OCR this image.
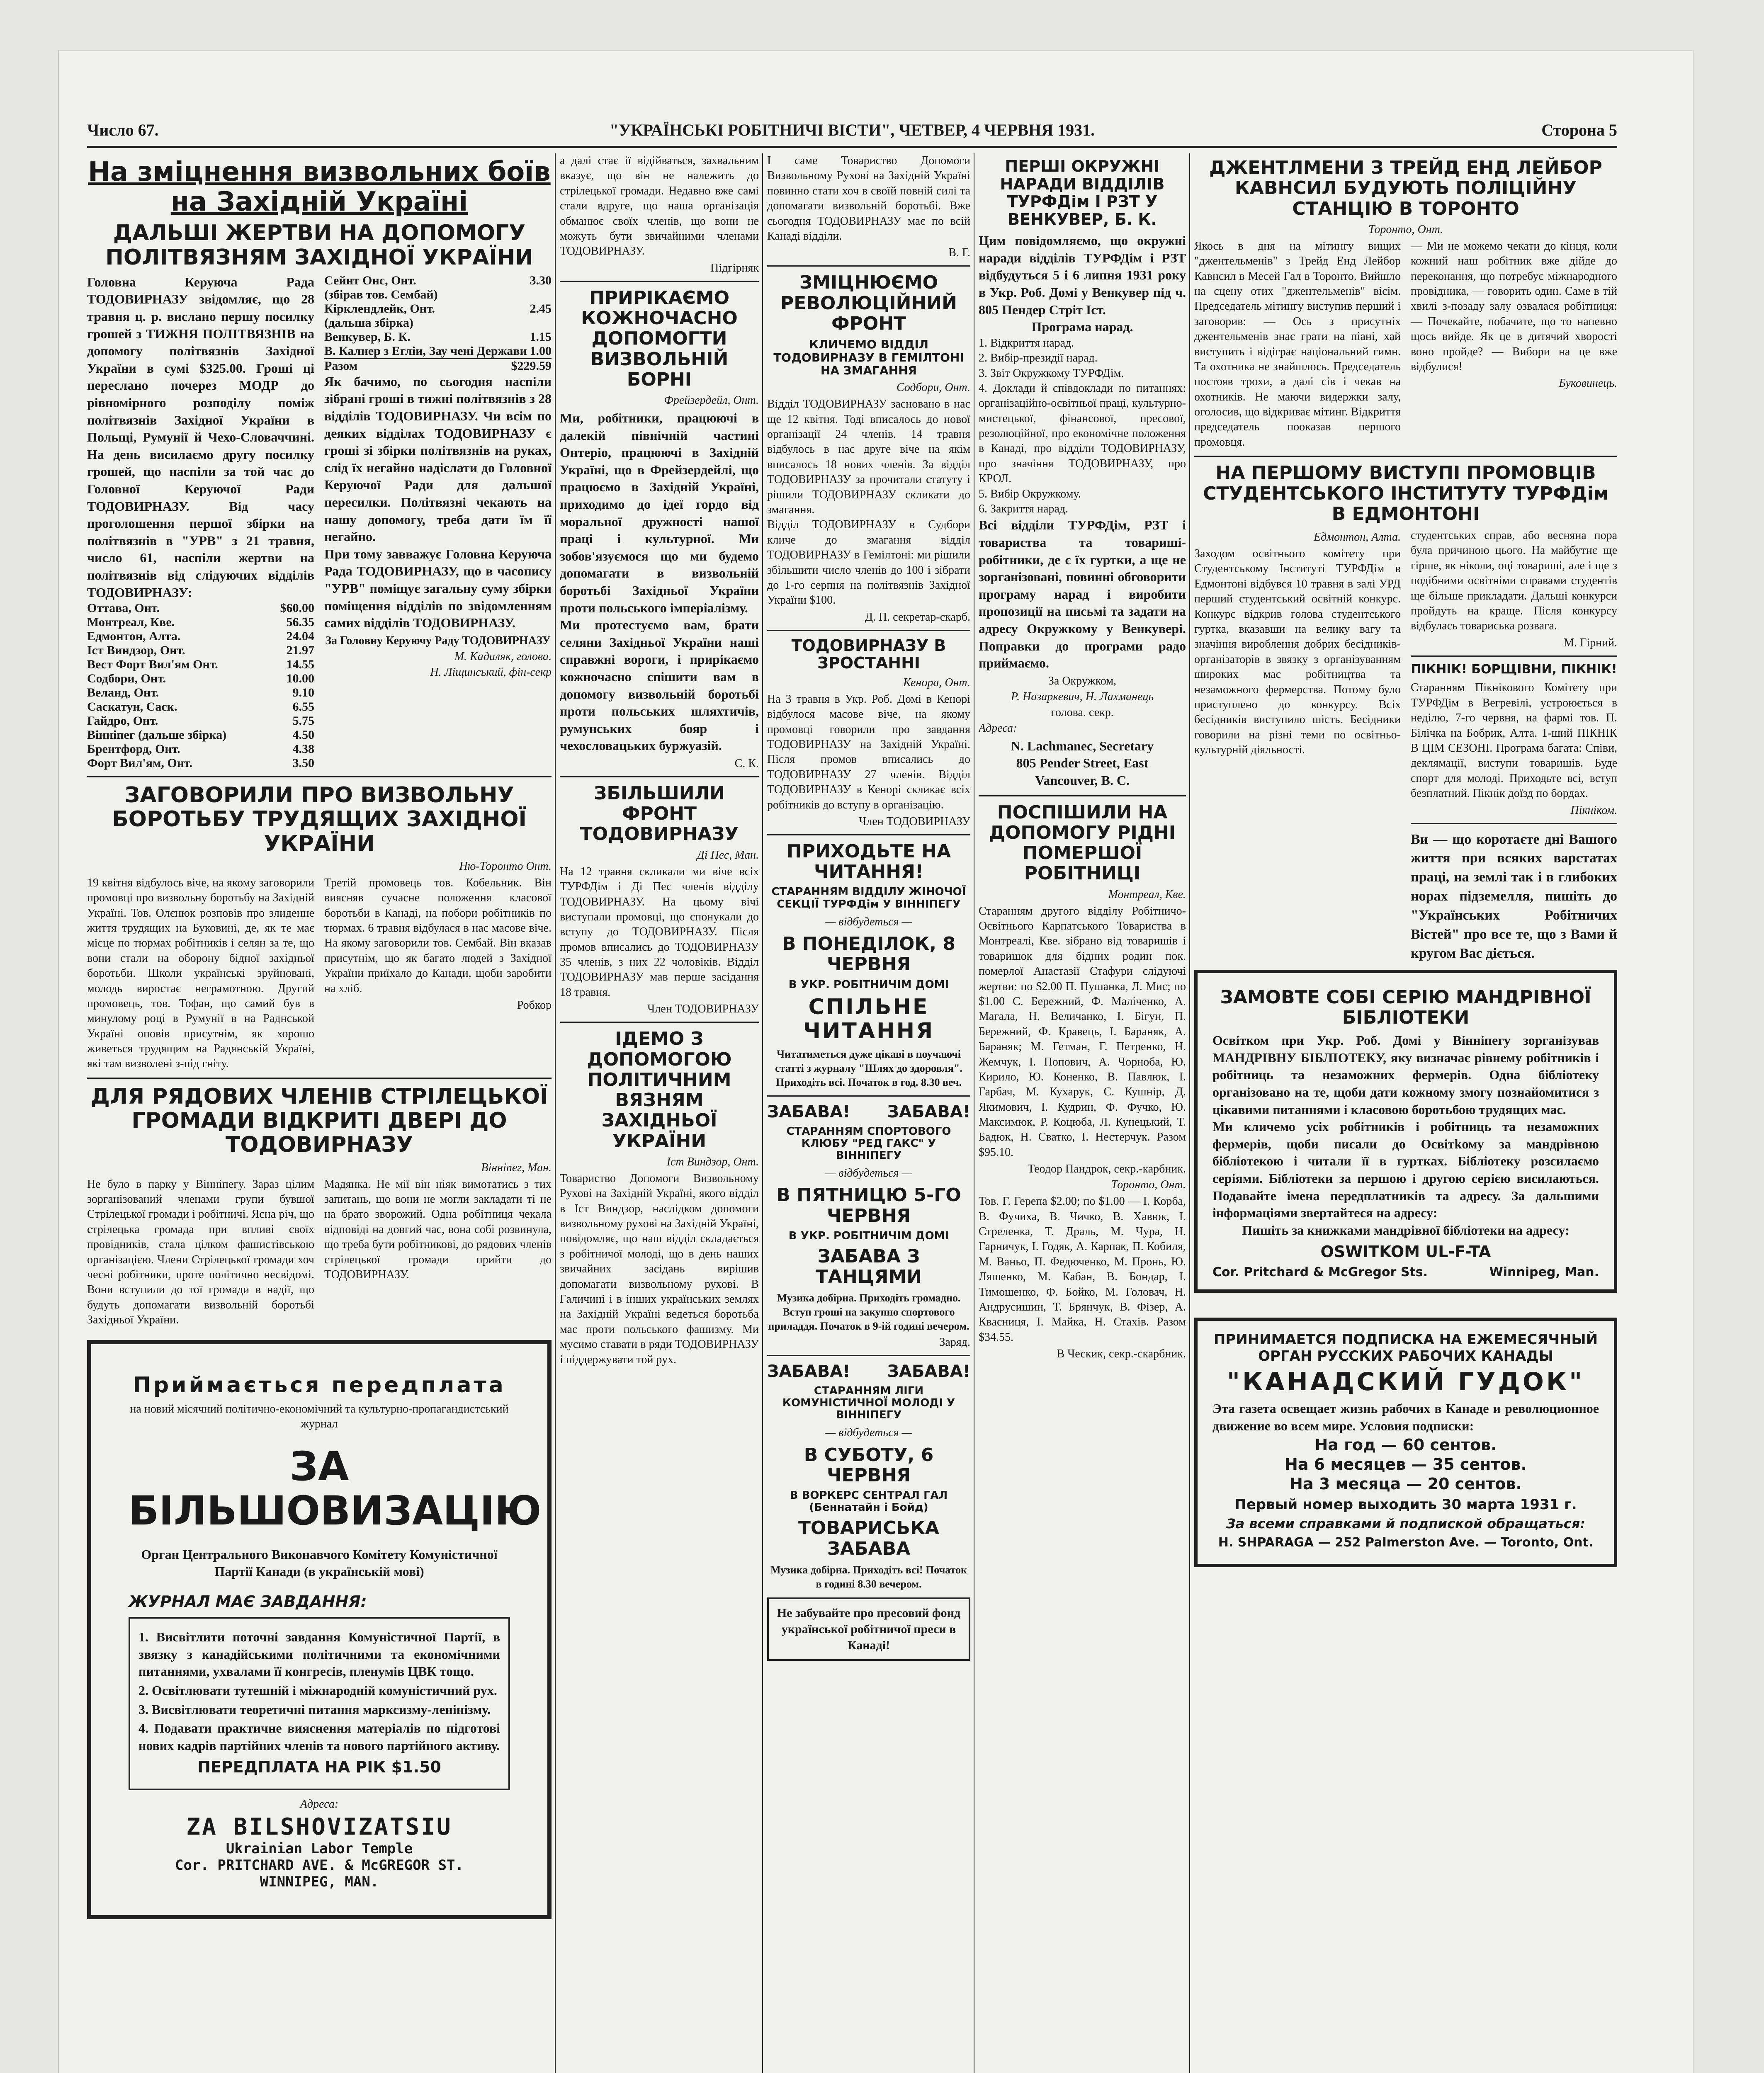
Число 67.	"УКРАЇНСЬКІ РОБІТНИЧІ ВІСТИ", ЧЕТВЕР, 4 ЧЕРВНЯ 1931.	Сторона 5
На зміцнення визвольних боїв на Західній Україні
ДАЛЬШІ ЖЕРТВИ НА ДОПОМОГУ ПОЛІТВЯЗНЯМ ЗАХІДНОЇ УКРАЇНИ

Головна Керуюча Рада ТОДОВИРНАЗУ звідомляє, що 28 травня ц. р. вислано першу посилку грошей з ТИЖНЯ ПОЛІТВЯЗНІВ на допомогу політвязнів Західної України в сумі $325.00. Гроші ці переслано почерез МОДР до рівномірного розподілу поміж політвязнів Західної України в Польщі, Румунії й Чехо-Словаччині. На день висилаємо другу посилку грошей, що наспіли за той час до Головної Керуючої Ради ТОДОВИРНАЗУ. Від часу проголошення першої збірки на політвязнів в "УРВ" з 21 травня, число 61, наспіли жертви на політвязнів від слідуючих відділів ТОДОВИРНАЗУ:

Оттава, Онт.	$60.00
Монтреал, Кве.	56.35
Едмонтон, Алта.	24.04
Іст Виндзор, Онт.	21.97
Вест Форт Вил'ям Онт.	14.55
Содбори, Онт.	10.00
Веланд, Онт.	9.10
Саскатун, Саск.	6.55
Гайдро, Онт.	5.75
Вінніпег (дальше збірка)	4.50
Брентфорд, Онт.	4.38
Форт Вил'ям, Онт.	3.50
Сейнт Онс, Онт.	3.30
(збірав тов. Сембай)
Кірклендлейк, Онт.	2.45
(дальша збірка)
Венкувер, Б. К.	1.15
В. Калнер з Егліи, Зау чені Держави 1.00
Разом	$229.59

Як бачимо, по сьогодня наспіли зібрані гроші в тижні політвязнів з 28 відділів ТОДОВИРНАЗУ. Чи всім по деяких відділах ТОДОВИРНАЗУ є гроші зі збірки політвязнів на руках, слід їх негайно надіслати до Головної Керуючої Ради для дальшої пересилки. Політвязні чекають на нашу допомогу, треба дати їм її негайно.

При тому завважує Головна Керуюча Рада ТОДОВИРНАЗУ, що в часопису "УРВ" поміщує загальну суму збірки поміщення відділів по звідомленням самих відділів ТОДОВИРНАЗУ.

За Головну Керуючу Раду ТОДОВИРНАЗУ
М. Кадиляк, голова.
Н. Ліщинський, фін-секр
ЗАГОВОРИЛИ ПРО ВИЗВОЛЬНУ БОРОТЬБУ ТРУДЯЩИХ ЗАХІДНОЇ УКРАЇНИ
Ню-Торонто Онт.

19 квітня відбулось віче, на якому заговорили промовці про визвольну боротьбу на Західній Україні. Тов. Олєнюк розповів про злиденне життя трудящих на Буковині, де, як те має місце по тюрмах робітників і селян за те, що вони стали на оборону бідної західньої боротьби. Школи українські зруйновані, молодь виростає неграмотною. Другий промовець, тов. Тофан, що самий був в минулому році в Румунії в на Раднськой Україні оповів присутнім, як хорошо живеться трудящим на Радянській Україні, які там визволені з-під гніту.

Третій промовець тов. Кобельник. Він виясняв сучасне положення класової боротьби в Канаді, на побори робітників по тюрмах. 6 травня відбулася в нас масове віче. На якому заговорили тов. Сембай. Він вказав присутнім, що як багато людей з Західної України приїхало до Канади, щоби заробити на хліб.

Робкор
ДЛЯ РЯДОВИХ ЧЛЕНІВ СТРІЛЕЦЬКОЇ ГРОМАДИ ВІДКРИТІ ДВЕРІ ДО ТОДОВИРНАЗУ
Вінніпег, Ман.

Не було в парку у Вінніпегу. Зараз цілим зорганізований членами групи бувшої Стрілецької громади і робітничі. Ясна річ, що стрілецька громада при впливі своїх провідників, стала цілком фашистівською організацією. Члени Стрілецької громади хоч чесні робітники, проте політично несвідомі. Вони вступили до тої громади в надії, що будуть допомагати визвольній боротьбі Західньої України.

Мадянка. Не мії він ніяк вимотатись з тих запитань, що вони не могли закладати ті не на брато зворожий. Одна робітниця чекала відповіді на довгий час, вона собі розвинула, що треба бути робітникові, до рядових членів стрілецької громади прийти до ТОДОВИРНАЗУ.

Приймається передплата

на новий місячний політично-економічний та культурно-пропагандистський журнал

ЗА БІЛЬШОВИЗАЦІЮ

Орган Центрального Виконавчого Комітету Комуністичної Партії Канади (в українській мові)

ЖУРНАЛ МАЄ ЗАВДАННЯ:

1. Висвітлити поточні завдання Комуністичної Партії, в звязку з канадійськими політичними та економічними питаннями, ухвалами її конгресів, пленумів ЦВК тощо.

2. Освітлювати тутешній і міжнародній комуністичний рух.

3. Висвітлювати теоретичні питання марксизму-ленінізму.

4. Подавати практичне вияснення матеріалів по підготові нових кадрів партійних членів та нового партійного активу.

ПЕРЕДПЛАТА НА РІК $1.50

Адреса:

ZA BILSHOVIZATSIU
Ukrainian Labor Temple
Cor. PRITCHARD AVE. & McGREGOR ST.
WINNIPEG, MAN.

а далі стає ії відійваться, захвальним вказує, що він не належить до стрілецької громади. Недавно вже самі стали вдруге, що наша організація обманює своїх членів, що вони не можуть бути звичайними членами ТОДОВИРНАЗУ.

Підгірняк
ПРИРІКАЄМО КОЖНОЧАСНО ДОПОМОГТИ ВИЗВОЛЬНІЙ БОРНІ
Фрейзердейл, Онт.

Ми, робітники, працюючі в далекій північній частині Онтеріо, працюючі в Західній Україні, що в Фрейзердейлі, що працюємо в Західній Україні, приходимо до ідеї гордо від моральної дружності нашої праці і культурної. Ми зобов'язуємося що ми будемо допомагати в визвольній боротьбі Західньої України проти польського імперіалізму.

Ми протестуємо вам, брати селяни Західньої України наші справжні вороги, і прирікаємо кожночасно спішити вам в допомогу визвольній боротьбі проти польських шляхтичів, румунських бояр і чехословацьких буржуазій.

С. К.
ЗБІЛЬШИЛИ ФРОНТ ТОДОВИРНАЗУ
Ді Пес, Ман.

На 12 травня скликали ми віче всіх ТУРФДім і Ді Пес членів відділу ТОДОВИРНАЗУ. На цьому вічі виступали промовці, що спонукали до вступу до ТОДОВИРНАЗУ. Після промов вписались до ТОДОВИРНАЗУ 35 членів, з них 22 чоловіків. Відділ ТОДОВИРНАЗУ мав перше засідання 18 травня.

Член ТОДОВИРНАЗУ
ІДЕМО З ДОПОМОГОЮ ПОЛІТИЧНИМ ВЯЗНЯМ ЗАХІДНЬОЇ УКРАЇНИ
Іст Виндзор, Онт.

Товариство Допомоги Визвольному Рухові на Західній Україні, якого відділ в Іст Виндзор, наслідком допомоги визвольному рухові на Західній Україні, повідомляє, що наш відділ складається з робітничої молоді, що в день наших звичайних засідань вирішив допомагати визвольному рухові. В Галичині і в інших українських землях на Західній Україні ведеться боротьба мас проти польського фашизму. Ми мусимо ставати в ряди ТОДОВИРНАЗУ і піддержувати той рух.

І саме Товариство Допомоги Визвольному Рухові на Західній Україні повинно стати хоч в своїй повній силі та допомагати визвольній боротьбі. Вже сьогодня ТОДОВИРНАЗУ має по всій Канаді відділи.

В. Г.
ЗМІЦНЮЄМО РЕВОЛЮЦІЙНИЙ ФРОНТ
КЛИЧЕМО ВІДДІЛ ТОДОВИРНАЗУ В ГЕМІЛТОНІ НА ЗМАГАННЯ
Содбори, Онт.

Відділ ТОДОВИРНАЗУ засновано в нас ще 12 квітня. Тоді вписалось до нової організації 24 членів. 14 травня відбулось в нас друге віче на якім вписалось 18 нових членів. За відділ ТОДОВИРНАЗУ за прочитали статуту і рішили ТОДОВИРНАЗУ скликати до змагання.

Відділ ТОДОВИРНАЗУ в Судбори кличе до змагання відділ ТОДОВИРНАЗУ в Гемілтоні: ми рішили збільшити число членів до 100 і зібрати до 1-го серпня на політвязнів Західної України $100.

Д. П. секретар-скарб.
ТОДОВИРНАЗУ В ЗРОСТАННІ
Кенора, Онт.

На 3 травня в Укр. Роб. Домі в Кенорі відбулося масове віче, на якому промовці говорили про завдання ТОДОВИРНАЗУ на Західній Україні. Після промов вписались до ТОДОВИРНАЗУ 27 членів. Відділ ТОДОВИРНАЗУ в Кенорі скликає всіх робітників до вступу в організацію.

Член ТОДОВИРНАЗУ
ПРИХОДЬТЕ НА ЧИТАННЯ!
СТАРАННЯМ ВІДДІЛУ ЖІНОЧОЇ СЕКЦІЇ ТУРФДім У ВІННІПЕГУ
— відбудеться —
В ПОНЕДІЛОК, 8 ЧЕРВНЯ
В УКР. РОБІТНИЧІМ ДОМІ
СПІЛЬНЕ ЧИТАННЯ

Читатиметься дуже цікаві в поучаючі статті з журналу "Шлях до здоровля". Приходіть всі. Початок в год. 8.30 веч.

ЗАБАВА! ЗАБАВА!
СТАРАННЯМ СПОРТОВОГО КЛЮБУ "РЕД ГАКС" У ВІННІПЕГУ
— відбудеться —
В ПЯТНИЦЮ 5-ГО ЧЕРВНЯ
В УКР. РОБІТНИЧІМ ДОМІ
ЗАБАВА З ТАНЦЯМИ

Музика добірна. Приходіть громадно. Вступ гроші на закупно спортового приладдя. Початок в 9-ій годині вечером.

Заряд.
ЗАБАВА! ЗАБАВА!
СТАРАННЯМ ЛІГИ КОМУНІСТИЧНОЇ МОЛОДІ У ВІННІПЕГУ
— відбудеться —
В СУБОТУ, 6 ЧЕРВНЯ
В ВОРКЕРС СЕНТРАЛ ГАЛ (Беннатайн і Бойд)
ТОВАРИСЬКА ЗАБАВА

Музика добірна. Приходіть всі! Початок в годині 8.30 вечером.

Не забувайте про пресовий фонд української робітничої преси в Канаді!

ПЕРШІ ОКРУЖНІ НАРАДИ ВІДДІЛІВ ТУРФДім І РЗТ У ВЕНКУВЕР, Б. К.

Цим повідомляємо, що окружні наради відділів ТУРФДім і РЗТ відбудуться 5 і 6 липня 1931 року в Укр. Роб. Домі у Венкувер під ч. 805 Пендер Стріт Іст.

Програма нарад.

1. Відкриття нарад.

2. Вибір-президії нарад.

3. Звіт Окружкому ТУРФДім.

4. Доклади й співдоклади по питаннях: організаційно-освітньої праці, культурно-мистецької, фінансової, пресової, резолюційної, про економічне положення в Канаді, про відділи ТОДОВИРНАЗУ, про значіння ТОДОВИРНАЗУ, про КРОЛ.

5. Вибір Окружкому.

6. Закриття нарад.

Всі відділи ТУРФДім, РЗТ і товариства та товариші-робітники, де є їх гуртки, а ще не зорганізовані, повинні обговорити програму нарад і виробити пропозиції на письмі та задати на адресу Окружкому у Венкувері. Поправки до програми радо приймаємо.

За Окружком,
Р. Назаркевич, Н. Лахманець
голова. секр.
Адреса:
N. Lachmanec, Secretary
805 Pender Street, East
Vancouver, B. C.
ПОСПІШИЛИ НА ДОПОМОГУ РІДНІ ПОМЕРШОЇ РОБІТНИЦІ
Монтреал, Кве.

Старанням другого відділу Робітничо-Освітнього Карпатського Товариства в Монтреалі, Кве. зібрано від товаришів і товаришок для бідних родин пок. померлої Анастазії Стафури слідуючі жертви: по $2.00 П. Пушанка, Л. Мис; по $1.00 С. Бережний, Ф. Маліченко, А. Магала, Н. Величанко, І. Бігун, П. Бережний, Ф. Кравець, І. Бараняк, А. Бараняк; М. Гетман, Г. Петренко, Н. Жемчук, І. Попович, А. Чорноба, Ю. Кирило, Ю. Коненко, В. Павлюк, І. Гарбач, М. Кухарук, С. Кушнір, Д. Якимович, І. Кудрин, Ф. Фучко, Ю. Максимюк, Р. Коцюба, Л. Кунецький, Т. Бадюк, Н. Сватко, І. Нестерчук. Разом $95.10.

Теодор Пандрок, секр.-карбник.
Торонто, Онт.

Тов. Г. Герепа $2.00; по $1.00 — І. Корба, В. Фучиха, В. Чичко, В. Хавюк, І. Стреленка, Т. Драль, М. Чура, Н. Гарничук, І. Годяк, А. Карпак, П. Кобиля, М. Ваньо, П. Федюченко, М. Пронь, Ю. Ляшенко, М. Кабан, В. Бондар, І. Тимошенко, Ф. Бойко, М. Головач, Н. Андрусишин, Т. Брянчук, В. Фізер, А. Квасниця, І. Майка, Н. Стахів. Разом $34.55.

В Ческик, секр.-скарбник.
ДЖЕНТЛМЕНИ З ТРЕЙД ЕНД ЛЕЙБОР КАВНСИЛ БУДУЮТЬ ПОЛІЦІЙНУ СТАНЦІЮ В ТОРОНТО
Торонто, Онт.

Якось в дня на мітингу вищих "джентельменів" з Трейд Енд Лейбор Кавнсил в Месей Гал в Торонто. Вийшло на сцену отих "джентельменів" вісім. Председатель мітингу виступив перший і заговорив: — Ось з присутніх джентельменів знає грати на піані, хай виступить і відіграє національний гимн. Та охотника не знайшлось. Председатель постояв трохи, а далі сів і чекав на охотників. Не маючи видержки залу, оголосив, що відкриває мітинг. Відкриття председатель пооказав першого промовця.

— Ми не можемо чекати до кінця, коли кожний наш робітник вже дійде до переконання, що потребує міжнародного провідника, — говорить один. Саме в тій хвилі з-позаду залу озвалася робітниця: — Почекайте, побачите, що то напевно щось вийде. Як це в дитячий хворості воно пройде? — Вибори на це вже відбулися!

Буковинець.
НА ПЕРШОМУ ВИСТУПІ ПРОМОВЦІВ СТУДЕНТСЬКОГО ІНСТИТУТУ ТУРФДім В ЕДМОНТОНІ
Едмонтон, Алта.

Заходом освітнього комітету при Студентському Інституті ТУРФДім в Едмонтоні відбувся 10 травня в залі УРД перший студентський освітній конкурс. Конкурс відкрив голова студентського гуртка, вказавши на велику вагу та значіння вироблення добрих бесідників-організаторів в звязку з організуванням широких мас робітництва та незаможного фермерства. Потому було приступлено до конкурсу. Всіх бесідників виступило шість. Бесідники говорили на різні теми по освітньо-культурній діяльності.

студентських справ, або весняна пора була причиною цього. На майбутнє ще гірше, як ніколи, оці товариші, але і ще з подібними освітніми справами студентів ще більше прикладати. Дальші конкурси пройдуть на краще. Після конкурсу відбулась товариська розвага.

М. Гірний.
ПІКНІК! БОРЩІВНИ, ПІКНІК!

Старанням Пікнікового Комітету при ТУРФДім в Вегревілі, устроюється в неділю, 7-го червня, на фармі тов. П. Білічка на Бобрик, Алта. 1-ший ПІКНІК В ЦІМ СЕЗОНІ. Програма багата: Співи, деклямації, виступи товаришів. Буде спорт для молоді. Приходьте всі, вступ безплатний. Пікнік доїзд по бордах.

Пікніком.

Ви — що коротаєте дні Вашого життя при всяких варстатах праці, на землі так і в глибоких норах підземелля, пишіть до "Українських Робітничих Вістей" про все те, що з Вами й кругом Вас діється.

ЗАМОВТЕ СОБІ СЕРІЮ МАНДРІВНОЇ БІБЛІОТЕКИ

Освітком при Укр. Роб. Домі у Вінніпегу зорганізував МАНДРІВНУ БІБЛІОТЕКУ, яку визначає рівнему робітників і робітниць та незаможних фермерів. Одна бібліотеку організовано на те, щоби дати кожному змогу познайомитися з цікавими питаннями і класовою боротьбою трудящих мас.

Ми кличемо усіх робітників і робітниць та незаможних фермерів, щоби писали до Освітkому за мандрівною бібліотекою і читали її в гуртках. Бібліотеку розсилаємо серіями. Бібліотеки за першою і другою серією висилаються. Подавайте імена передплатників та адресу. За дальшими інформаціями звертайтеся на адресу:

Пишіть за книжками мандрівної бібліотеки на адресу:

OSWITKOM UL-F-TA
Cor. Pritchard & McGregor Sts.	Winnipeg, Man.
ПРИНИМАЕТСЯ ПОДПИСКА НА ЕЖЕМЕСЯЧНЫЙ
ОРГАН РУССКИХ РАБОЧИХ КАНАДЫ
"КАНАДСКИЙ ГУДОК"

Эта газета освещает жизнь рабочих в Канаде и революционное движение во всем мире. Условия подписки:

На год — 60 сентов.
На 6 месяцев — 35 сентов.
На 3 месяца — 20 сентов.
Первый номер выходить 30 марта 1931 г.
За всеми справками й подпиской обращаться:
H. SHPARAGA — 252 Palmerston Ave. — Toronto, Ont.
